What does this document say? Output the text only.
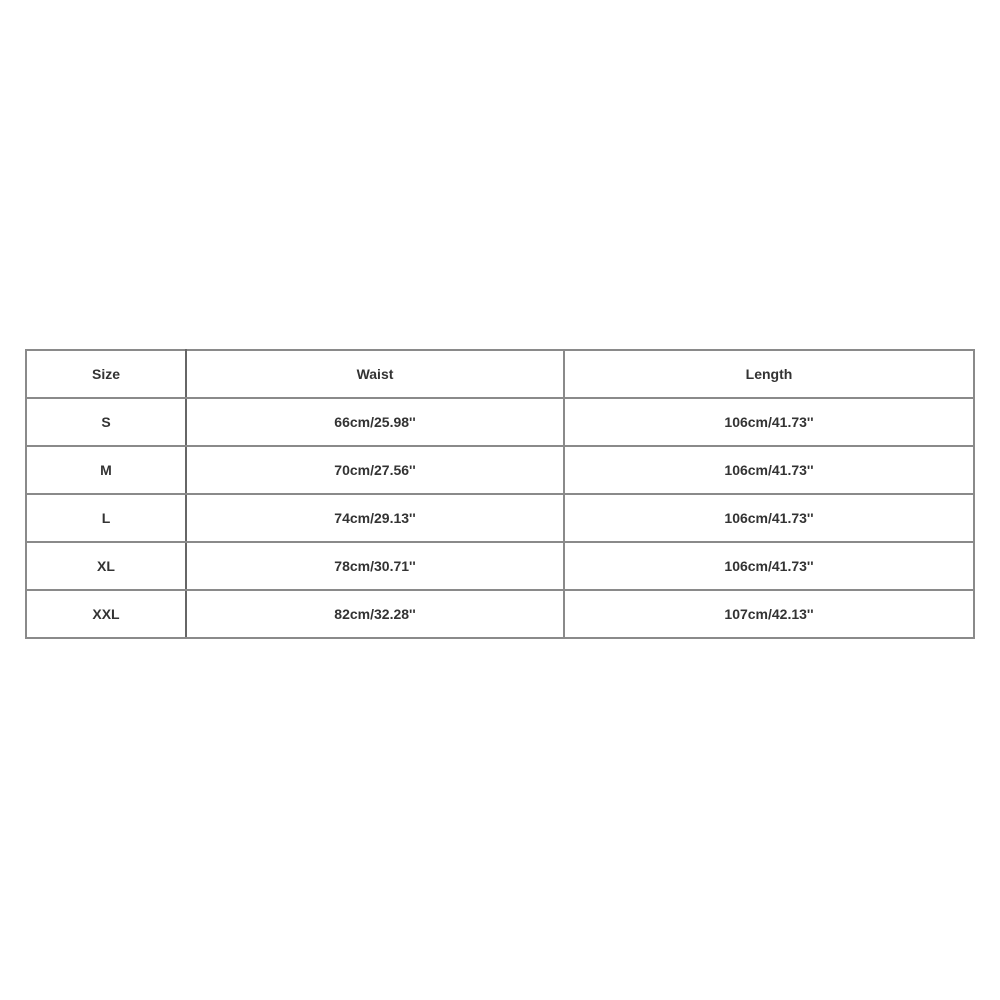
Size	Waist	Length
S	66cm/25.98''	106cm/41.73''
M	70cm/27.56''	106cm/41.73''
L	74cm/29.13''	106cm/41.73''
XL	78cm/30.71''	106cm/41.73''
XXL	82cm/32.28''	107cm/42.13''
